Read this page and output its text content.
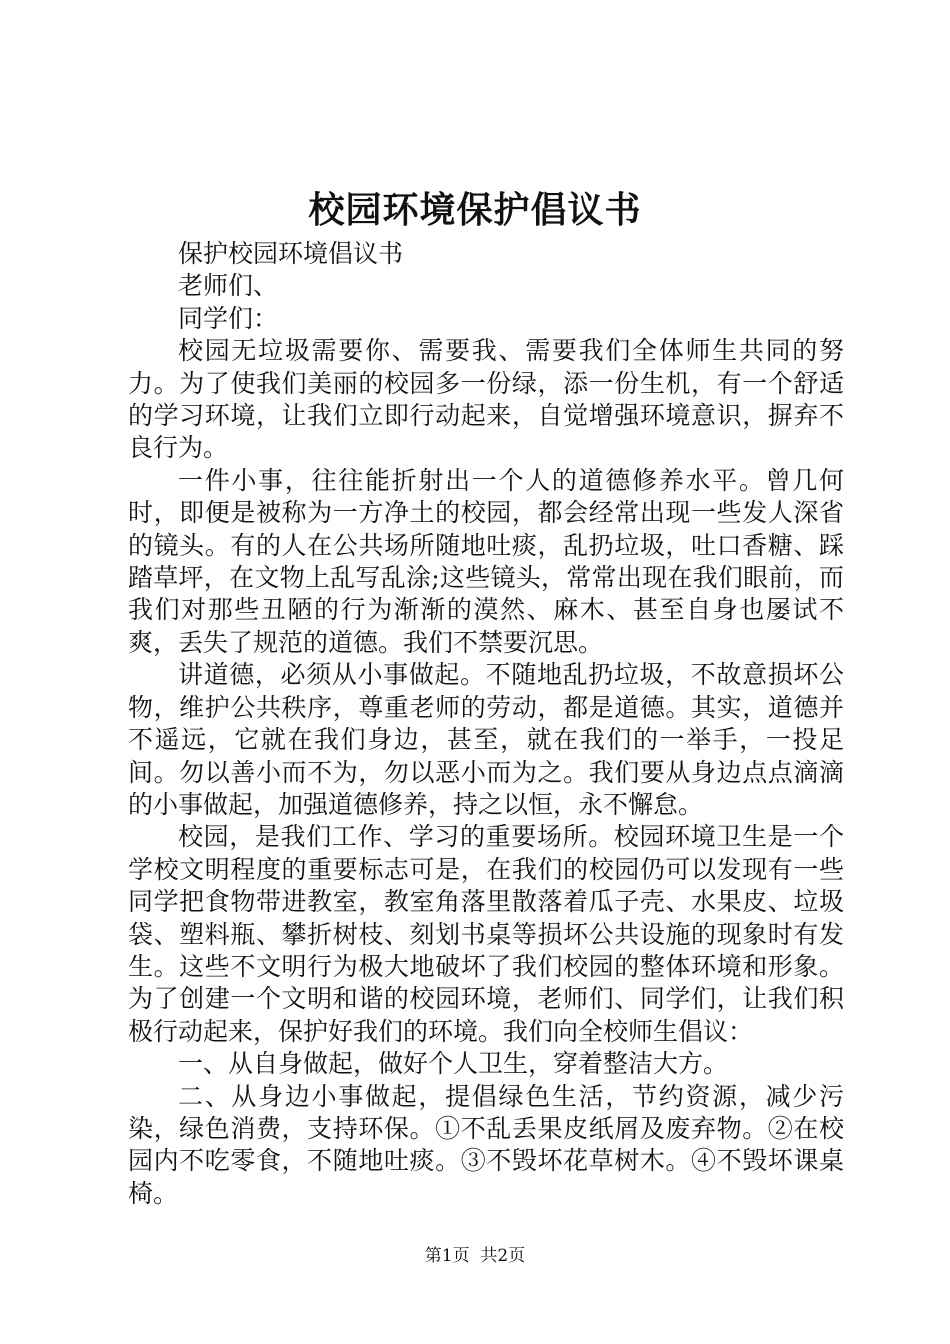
校园环境保护倡议书

保护校园环境倡议书

老师们、

同学们：

校园无垃圾需要你、需要我、需要我们全体师生共同的努力。为了使我们美丽的校园多一份绿，添一份生机，有一个舒适的学习环境，让我们立即行动起来，自觉增强环境意识，摒弃不良行为。

一件小事，往往能折射出一个人的道德修养水平。曾几何时，即便是被称为一方净土的校园，都会经常出现一些发人深省的镜头。有的人在公共场所随地吐痰，乱扔垃圾，吐口香糖、踩踏草坪，在文物上乱写乱涂;这些镜头，常常出现在我们眼前，而我们对那些丑陋的行为渐渐的漠然、麻木、甚至自身也屡试不爽，丢失了规范的道德。我们不禁要沉思。

讲道德，必须从小事做起。不随地乱扔垃圾，不故意损坏公物，维护公共秩序，尊重老师的劳动，都是道德。其实，道德并不遥远，它就在我们身边，甚至，就在我们的一举手，一投足间。勿以善小而不为，勿以恶小而为之。我们要从身边点点滴滴的小事做起，加强道德修养，持之以恒，永不懈怠。

校园，是我们工作、学习的重要场所。校园环境卫生是一个学校文明程度的重要标志可是，在我们的校园仍可以发现有一些同学把食物带进教室，教室角落里散落着瓜子壳、水果皮、垃圾袋、塑料瓶、攀折树枝、刻划书桌等损坏公共设施的现象时有发生。这些不文明行为极大地破坏了我们校园的整体环境和形象。为了创建一个文明和谐的校园环境，老师们、同学们，让我们积极行动起来，保护好我们的环境。我们向全校师生倡议：

一、从自身做起，做好个人卫生，穿着整洁大方。

二、从身边小事做起，提倡绿色生活，节约资源，减少污染，绿色消费，支持环保。①不乱丢果皮纸屑及废弃物。②在校园内不吃零食，不随地吐痰。③不毁坏花草树木。④不毁坏课桌椅。

第1页  共2页
